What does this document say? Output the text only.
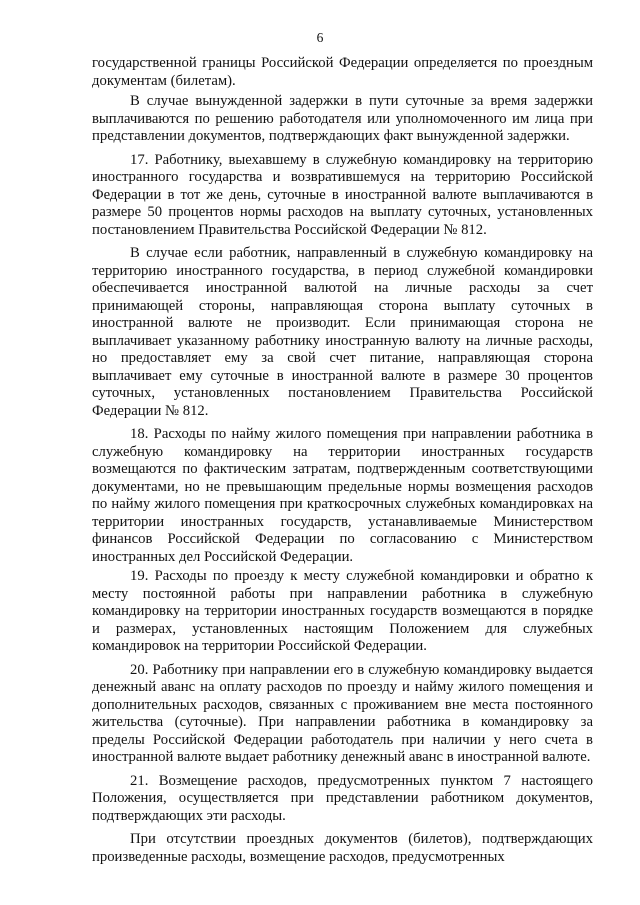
6

государственной границы Российской Федерации определяется по проездным документам (билетам).

В случае вынужденной задержки в пути суточные за время задержки выплачиваются по решению работодателя или уполномоченного им лица при представлении документов, подтверждающих факт вынужденной задержки.

17. Работнику, выехавшему в служебную командировку на территорию иностранного государства и возвратившемуся на территорию Российской Федерации в тот же день, суточные в иностранной валюте выплачиваются в размере 50 процентов нормы расходов на выплату суточных, установленных постановлением Правительства Российской Федерации № 812.

В случае если работник, направленный в служебную командировку на территорию иностранного государства, в период служебной командировки обеспечивается иностранной валютой на личные расходы за счет принимающей стороны, направляющая сторона выплату суточных в иностранной валюте не производит. Если принимающая сторона не выплачивает указанному работнику иностранную валюту на личные расходы, но предоставляет ему за свой счет питание, направляющая сторона выплачивает ему суточные в иностранной валюте в размере 30 процентов суточных, установленных постановлением Правительства Российской Федерации № 812.

18. Расходы по найму жилого помещения при направлении работника в служебную командировку на территории иностранных государств возмещаются по фактическим затратам, подтвержденным соответствующими документами, но не превышающим предельные нормы возмещения расходов по найму жилого помещения при краткосрочных служебных командировках на территории иностранных государств, устанавливаемые Министерством финансов Российской Федерации по согласованию с Министерством иностранных дел Российской Федерации.

19. Расходы по проезду к месту служебной командировки и обратно к месту постоянной работы при направлении работника в служебную командировку на территории иностранных государств возмещаются в порядке и размерах, установленных настоящим Положением для служебных командировок на территории Российской Федерации.

20. Работнику при направлении его в служебную командировку выдается денежный аванс на оплату расходов по проезду и найму жилого помещения и дополнительных расходов, связанных с проживанием вне места постоянного жительства (суточные). При направлении работника в командировку за пределы Российской Федерации работодатель при наличии у него счета в иностранной валюте выдает работнику денежный аванс в иностранной валюте.

21. Возмещение расходов, предусмотренных пунктом 7 настоящего Положения, осуществляется при представлении работником документов, подтверждающих эти расходы.

При отсутствии проездных документов (билетов), подтверждающих произведенные расходы, возмещение расходов, предусмотренных
